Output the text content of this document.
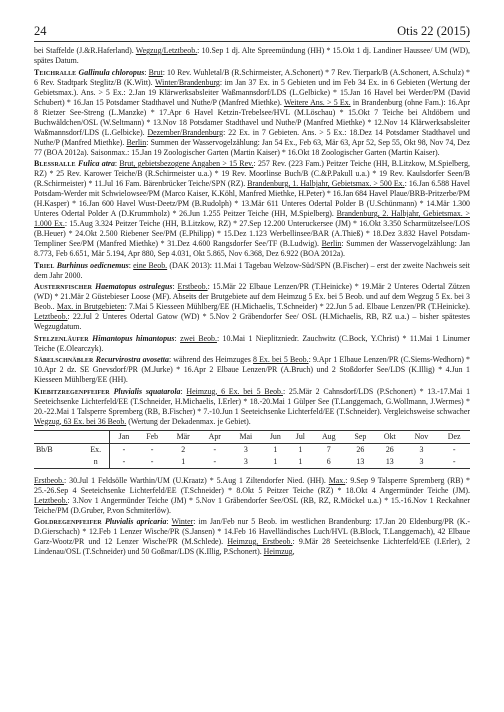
24	Otis 22 (2015)

bei Staffelde (J.&R.Haferland). Wegzug/Letztbeob.: 10.Sep 1 dj. Alte Spreemündung (HH) * 15.Okt 1 dj. Landiner Haussee/ UM (WD), spätes Datum.

Teichralle Gallinula chloropus: Brut: 10 Rev. Wuhletal/B (R.Schirmeister, A.Schonert) * 7 Rev. Tierpark/B (A.Schonert, A.Schulz) * 6 Rev. Stadtpark Steglitz/B (K.Witt). Winter/Brandenburg: im Jan 37 Ex. in 5 Gebieten und im Feb 34 Ex. in 6 Gebieten (Wertung der Gebietsmax.). Ans. > 5 Ex.: 2.Jan 19 Klärwerksabsleiter Waßmannsdorf/LDS (L.Gelbicke) * 15.Jan 16 Havel bei Werder/PM (David Schubert) * 16.Jan 15 Potsdamer Stadthavel und Nuthe/P (Manfred Miethke). Weitere Ans. > 5 Ex. in Brandenburg (ohne Fam.): 16.Apr 8 Rietzer See-Streng (L.Manzke) * 17.Apr 6 Havel Ketzin-Trebelsee/HVL (M.Löschau) * 15.Okt 7 Teiche bei Altdöbern und Buchwäldchen/OSL (W.Seltmann) * 13.Nov 18 Potsdamer Stadthavel und Nuthe/P (Manfred Miethke) * 12.Nov 14 Klärwerksabsleiter Waßmannsdorf/LDS (L.Gelbicke). Dezember/Brandenburg: 22 Ex. in 7 Gebieten. Ans. > 5 Ex.: 18.Dez 14 Potsdamer Stadthavel und Nuthe/P (Manfred Miethke). Berlin: Summen der Wasservogelzählung: Jan 54 Ex., Feb 63, Mär 63, Apr 52, Sep 55, Okt 98, Nov 74, Dez 77 (BOA 2012a). Saisonmax.: 15.Jan 19 Zoologischer Garten (Martin Kaiser) * 16.Okt 18 Zoologischer Garten (Martin Kaiser).

Blessralle Fulica atra: Brut, gebietsbezogene Angaben > 15 Rev.: 257 Rev. (223 Fam.) Peitzer Teiche (HH, B.Litzkow, M.Spielberg, RZ) * 25 Rev. Karower Teiche/B (R.Schirmeister u.a.) * 19 Rev. Moorlinse Buch/B (C.&P.Pakull u.a.) * 19 Rev. Kaulsdorfer Seen/B (R.Schirmeister) * 11.Jul 16 Fam. Bärenbrücker Teiche/SPN (RZ). Brandenburg, 1. Halbjahr, Gebietsmax. > 500 Ex.: 16.Jan 6.588 Havel Potsdam-Werder mit Schwielowsee/PM (Marco Kaiser, K.Köhl, Manfred Miethke, H.Peter) * 16.Jan 684 Havel Plaue/BRB-Pritzerbe/PM (H.Kasper) * 16.Jan 600 Havel Wust-Deetz/PM (B.Rudolph) * 13.Mär 611 Unteres Odertal Polder B (U.Schünmann) * 14.Mär 1.300 Unteres Odertal Polder A (D.Krummholz) * 26.Jun 1.255 Peitzer Teiche (HH, M.Spielberg). Brandenburg, 2. Halbjahr, Gebietsmax. > 1.000 Ex.: 15.Aug 3.324 Peitzer Teiche (HH, B.Litzkow, RZ) * 27.Sep 12.200 Unteruckersee (JM) * 16.Okt 3.350 Scharmützelsee/LOS (B.Heuer) * 24.Okt 2.500 Riebener See/PM (E.Philipp) * 15.Dez 1.123 Werbellinsee/BAR (A.Thieß) * 18.Dez 3.832 Havel Potsdam-Templiner See/PM (Manfred Miethke) * 31.Dez 4.600 Rangsdorfer See/TF (B.Ludwig). Berlin: Summen der Wasservogelzählung: Jan 8.773, Feb 6.651, Mär 5.194, Apr 880, Sep 4.031, Okt 5.865, Nov 6.368, Dez 6.922 (BOA 2012a).

Triel Burhinus oedicnemus: eine Beob. (DAK 2013): 11.Mai 1 Tagebau Welzow-Süd/SPN (B.Fischer) – erst der zweite Nachweis seit dem Jahr 2000.

Austernfischer Haematopus ostralegus: Erstbeob.: 15.Mär 22 Elbaue Lenzen/PR (T.Heinicke) * 19.Mär 2 Unteres Odertal Zützen (WD) * 21.Mär 2 Güstebieser Loose (MF). Abseits der Brutgebiete auf dem Heimzug 5 Ex. bei 5 Beob. und auf dem Wegzug 5 Ex. bei 3 Beob.. Max. in Brutgebieten: 7.Mai 5 Kiesseen Mühlberg/EE (H.Michaelis, T.Schneider) * 22.Jun 5 ad. Elbaue Lenzen/PR (T.Heinicke). Letztbeob.: 22.Jul 2 Unteres Odertal Gatow (WD) * 5.Nov 2 Gräbendorfer See/ OSL (H.Michaelis, RB, RZ u.a.) – bisher spätestes Wegzugdatum.

Stelzenläufer Himantopus himantopus: zwei Beob.: 10.Mai 1 Nieplitzniedr. Zauchwitz (C.Bock, Y.Christ) * 11.Mai 1 Linumer Teiche (E.Olearczyk).

Säbelschnäbler Recurvirostra avosetta: während des Heimzuges 8 Ex. bei 5 Beob.: 9.Apr 1 Elbaue Lenzen/PR (C.Siems-Wedhorn) * 10.Apr 2 dz. SE Gnevsdorf/PR (M.Jurke) * 16.Apr 2 Elbaue Lenzen/PR (A.Bruch) und 2 Stoßdorfer See/LDS (K.Illig) * 4.Jun 1 Kiesseen Mühlberg/EE (HH).

Kiebitzregenpfeifer Pluvialis squatarola: Heimzug, 6 Ex. bei 5 Beob.: 25.Mär 2 Cahnsdorf/LDS (P.Schonert) * 13.-17.Mai 1 Seeteichsenke Lichterfeld/EE (T.Schneider, H.Michaelis, I.Erler) * 18.-20.Mai 1 Gülper See (T.Langgemach, G.Wollmann, J.Wermes) * 20.-22.Mai 1 Talsperre Spremberg (RB, B.Fischer) * 7.-10.Jun 1 Seeteichsenke Lichterfeld/EE (T.Schneider). Vergleichsweise schwacher Wegzug, 63 Ex. bei 36 Beob. (Wertung der Dekadenmax. je Gebiet).

		Jan	Feb	Mär	Apr	Mai	Jun	Jul	Aug	Sep	Okt	Nov	Dez
Bb/B	Ex.	-	-	2	-	3	1	1	7	26	26	3	-
	n	-	-	1	-	3	1	1	6	13	13	3	-

Erstbeob.: 30.Jul 1 Feldsölle Warthin/UM (U.Kraatz) * 5.Aug 1 Ziltendorfer Nied. (HH). Max.: 9.Sep 9 Talsperre Spremberg (RB) * 25.-26.Sep 4 Seeteichsenke Lichterfeld/EE (T.Schneider) * 8.Okt 5 Peitzer Teiche (RZ) * 18.Okt 4 Angermünder Teiche (JM). Letztbeob.: 3.Nov 1 Angermünder Teiche (JM) * 5.Nov 1 Gräbendorfer See/OSL (RB, RZ, R.Möckel u.a.) * 15.-16.Nov 1 Reckahner Teiche/PM (D.Gruber, P.von Schmiterlöw).

Goldregenpfeifer Pluvialis apricaria: Winter: im Jan/Feb nur 5 Beob. im westlichen Brandenburg: 17.Jan 20 Eldenburg/PR (K.-D.Gierschach) * 12.Feb 1 Lenzer Wische/PR (S.Jansen) * 14.Feb 16 Havelländisches Luch/HVL (B.Block, T.Langgemach), 42 Elbaue Garz-Wootz/PR und 12 Lenzer Wische/PR (M.Schlede). Heimzug, Erstbeob.: 9.Mär 28 Seeteichsenke Lichterfeld/EE (I.Erler), 2 Lindenau/OSL (T.Schneider) und 50 Goßmar/LDS (K.Illig, P.Schonert). Heimzug,
